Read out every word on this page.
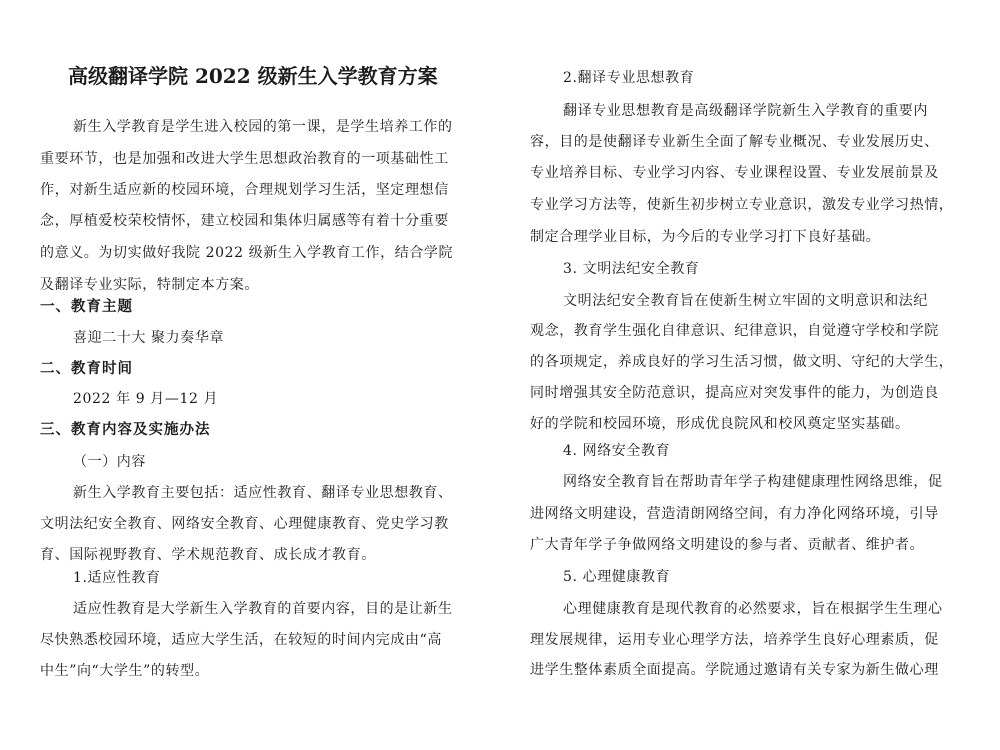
高级翻译学院 2022 级新生入学教育方案
新生入学教育是学生进入校园的第一课，是学生培养工作的
重要环节，也是加强和改进大学生思想政治教育的一项基础性工
作，对新生适应新的校园环境，合理规划学习生活，坚定理想信
念，厚植爱校荣校情怀，建立校园和集体归属感等有着十分重要
的意义。为切实做好我院 2022 级新生入学教育工作，结合学院
及翻译专业实际，特制定本方案。
一、教育主题
喜迎二十大 聚力奏华章
二、教育时间
2022 年 9 月—12 月
三、教育内容及实施办法
（一）内容
新生入学教育主要包括：适应性教育、翻译专业思想教育、
文明法纪安全教育、网络安全教育、心理健康教育、党史学习教
育、国际视野教育、学术规范教育、成长成才教育。
1.适应性教育
适应性教育是大学新生入学教育的首要内容，目的是让新生
尽快熟悉校园环境，适应大学生活，在较短的时间内完成由“高
中生”向“大学生”的转型。
2.翻译专业思想教育
翻译专业思想教育是高级翻译学院新生入学教育的重要内
容，目的是使翻译专业新生全面了解专业概况、专业发展历史、
专业培养目标、专业学习内容、专业课程设置、专业发展前景及
专业学习方法等，使新生初步树立专业意识，激发专业学习热情，
制定合理学业目标，为今后的专业学习打下良好基础。
3. 文明法纪安全教育
文明法纪安全教育旨在使新生树立牢固的文明意识和法纪
观念，教育学生强化自律意识、纪律意识，自觉遵守学校和学院
的各项规定，养成良好的学习生活习惯，做文明、守纪的大学生，
同时增强其安全防范意识，提高应对突发事件的能力，为创造良
好的学院和校园环境，形成优良院风和校风奠定坚实基础。
4. 网络安全教育
网络安全教育旨在帮助青年学子构建健康理性网络思维，促
进网络文明建设，营造清朗网络空间，有力净化网络环境，引导
广大青年学子争做网络文明建设的参与者、贡献者、维护者。
5. 心理健康教育
心理健康教育是现代教育的必然要求，旨在根据学生生理心
理发展规律，运用专业心理学方法，培养学生良好心理素质，促
进学生整体素质全面提高。学院通过邀请有关专家为新生做心理
